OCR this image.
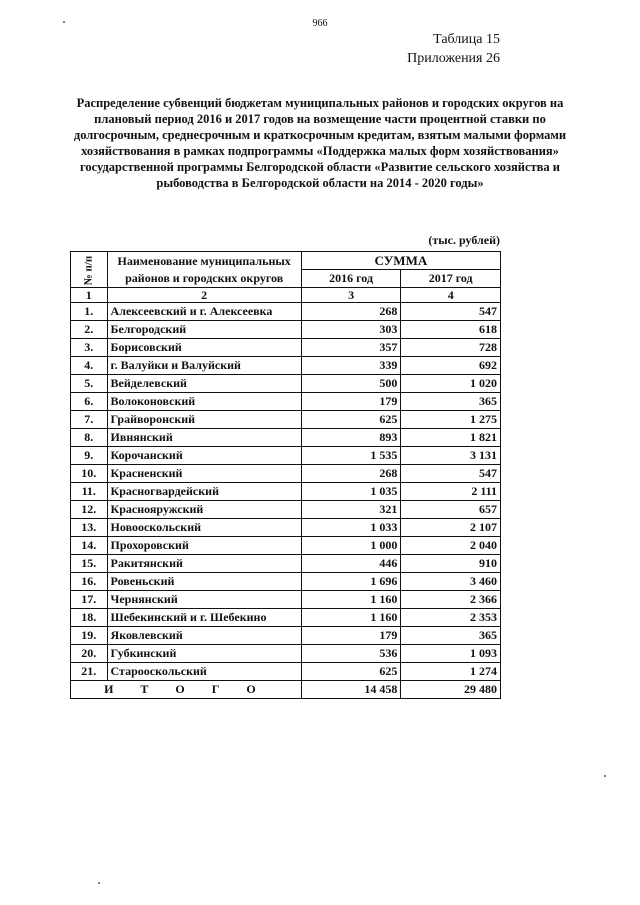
966
Таблица 15
Приложения 26
Распределение субвенций бюджетам муниципальных районов и городских округов на плановый период 2016 и 2017 годов на возмещение части процентной ставки по долгосрочным, среднесрочным и краткосрочным кредитам, взятым малыми формами хозяйствования в рамках подпрограммы «Поддержка малых форм хозяйствования» государственной программы Белгородской области «Развитие сельского хозяйства и рыбоводства в Белгородской области на 2014 - 2020 годы»
(тыс. рублей)
№ п/п	Наименование муниципальных районов и городских округов	СУММА	
		2016 год	2017 год
1	2	3	4
1.	Алексеевский и г. Алексеевка	268	547
2.	Белгородский	303	618
3.	Борисовский	357	728
4.	г. Валуйки и Валуйский	339	692
5.	Вейделевский	500	1 020
6.	Волоконовский	179	365
7.	Грайворонский	625	1 275
8.	Ивнянский	893	1 821
9.	Корочанский	1 535	3 131
10.	Красненский	268	547
11.	Красногвардейский	1 035	2 111
12.	Краснояружский	321	657
13.	Новооскольский	1 033	2 107
14.	Прохоровский	1 000	2 040
15.	Ракитянский	446	910
16.	Ровеньский	1 696	3 460
17.	Чернянский	1 160	2 366
18.	Шебекинский и г. Шебекино	1 160	2 353
19.	Яковлевский	179	365
20.	Губкинский	536	1 093
21.	Старооскольский	625	1 274
И Т О Г О		14 458	29 480
